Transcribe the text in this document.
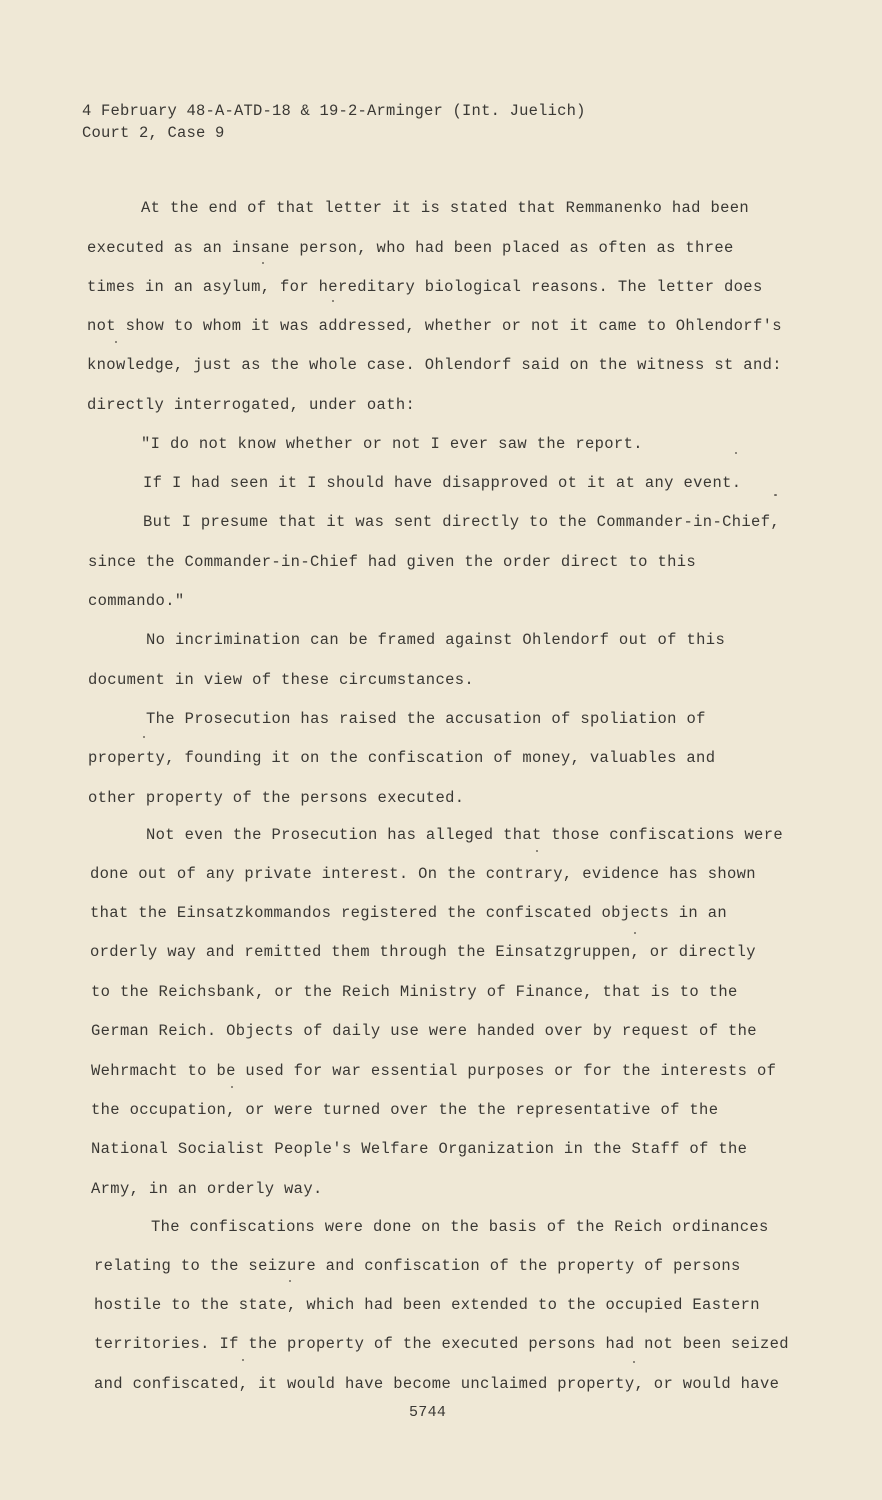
4 February 48-A-ATD-18 & 19-2-Arminger (Int. Juelich)
Court 2, Case 9
At the end of that letter it is stated that Remmanenko had been
executed as an insane person, who had been placed as often as three
times in an asylum, for hereditary biological reasons. The letter does
not show to whom it was addressed, whether or not it came to Ohlendorf's
knowledge, just as the whole case. Ohlendorf said on the witness st and:
directly interrogated, under oath:
"I do not know whether or not I ever saw the report.
If I had seen it I should have disapproved ot it at any event.
But I presume that it was sent directly to the Commander-in-Chief,
since the Commander-in-Chief had given the order direct to this
commando."
No incrimination can be framed against Ohlendorf out of this
document in view of these circumstances.
The Prosecution has raised the accusation of spoliation of
property, founding it on the confiscation of money, valuables and
other property of the persons executed.
Not even the Prosecution has alleged that those confiscations were
done out of any private interest. On the contrary, evidence has shown
that the Einsatzkommandos registered the confiscated objects in an
orderly way and remitted them through the Einsatzgruppen, or directly
to the Reichsbank, or the Reich Ministry of Finance, that is to the
German Reich. Objects of daily use were handed over by request of the
Wehrmacht to be used for war essential purposes or for the interests of
the occupation, or were turned over the the representative of the
National Socialist People's Welfare Organization in the Staff of the
Army, in an orderly way.
The confiscations were done on the basis of the Reich ordinances
relating to the seizure and confiscation of the property of persons
hostile to the state, which had been extended to the occupied Eastern
territories. If the property of the executed persons had not been seized
and confiscated, it would have become unclaimed property, or would have
5744
